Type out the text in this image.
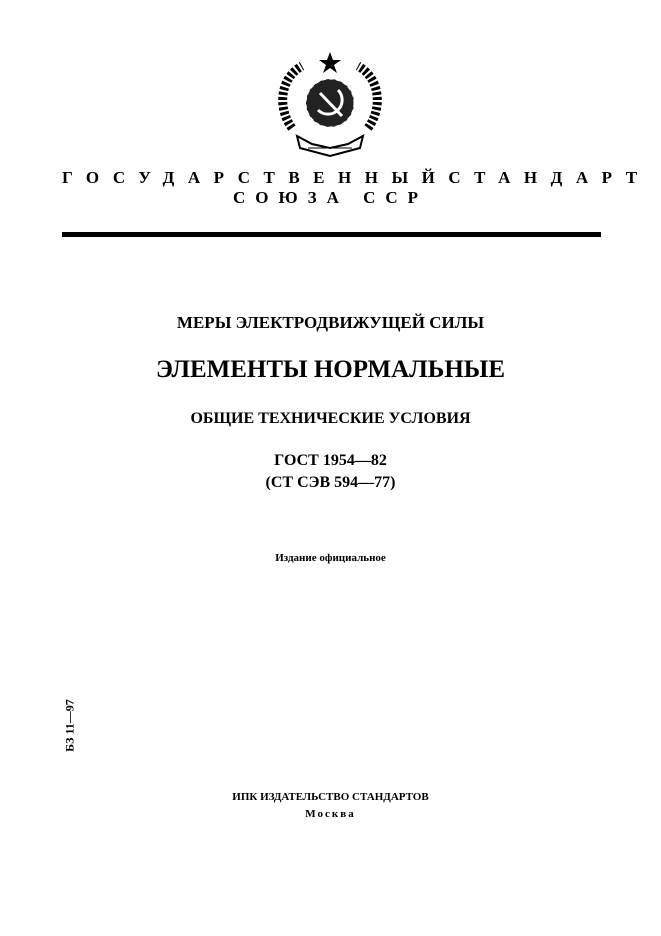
ГОСУДАРСТВЕННЫЙ СТАНДАРТ
СОЮЗА ССР
МЕРЫ ЭЛЕКТРОДВИЖУЩЕЙ СИЛЫ
ЭЛЕМЕНТЫ НОРМАЛЬНЫЕ
ОБЩИЕ ТЕХНИЧЕСКИЕ УСЛОВИЯ
ГОСТ 1954—82
(СТ СЭВ 594—77)
Издание официальное
БЗ 11—97
ИПК ИЗДАТЕЛЬСТВО СТАНДАРТОВ
Москва
